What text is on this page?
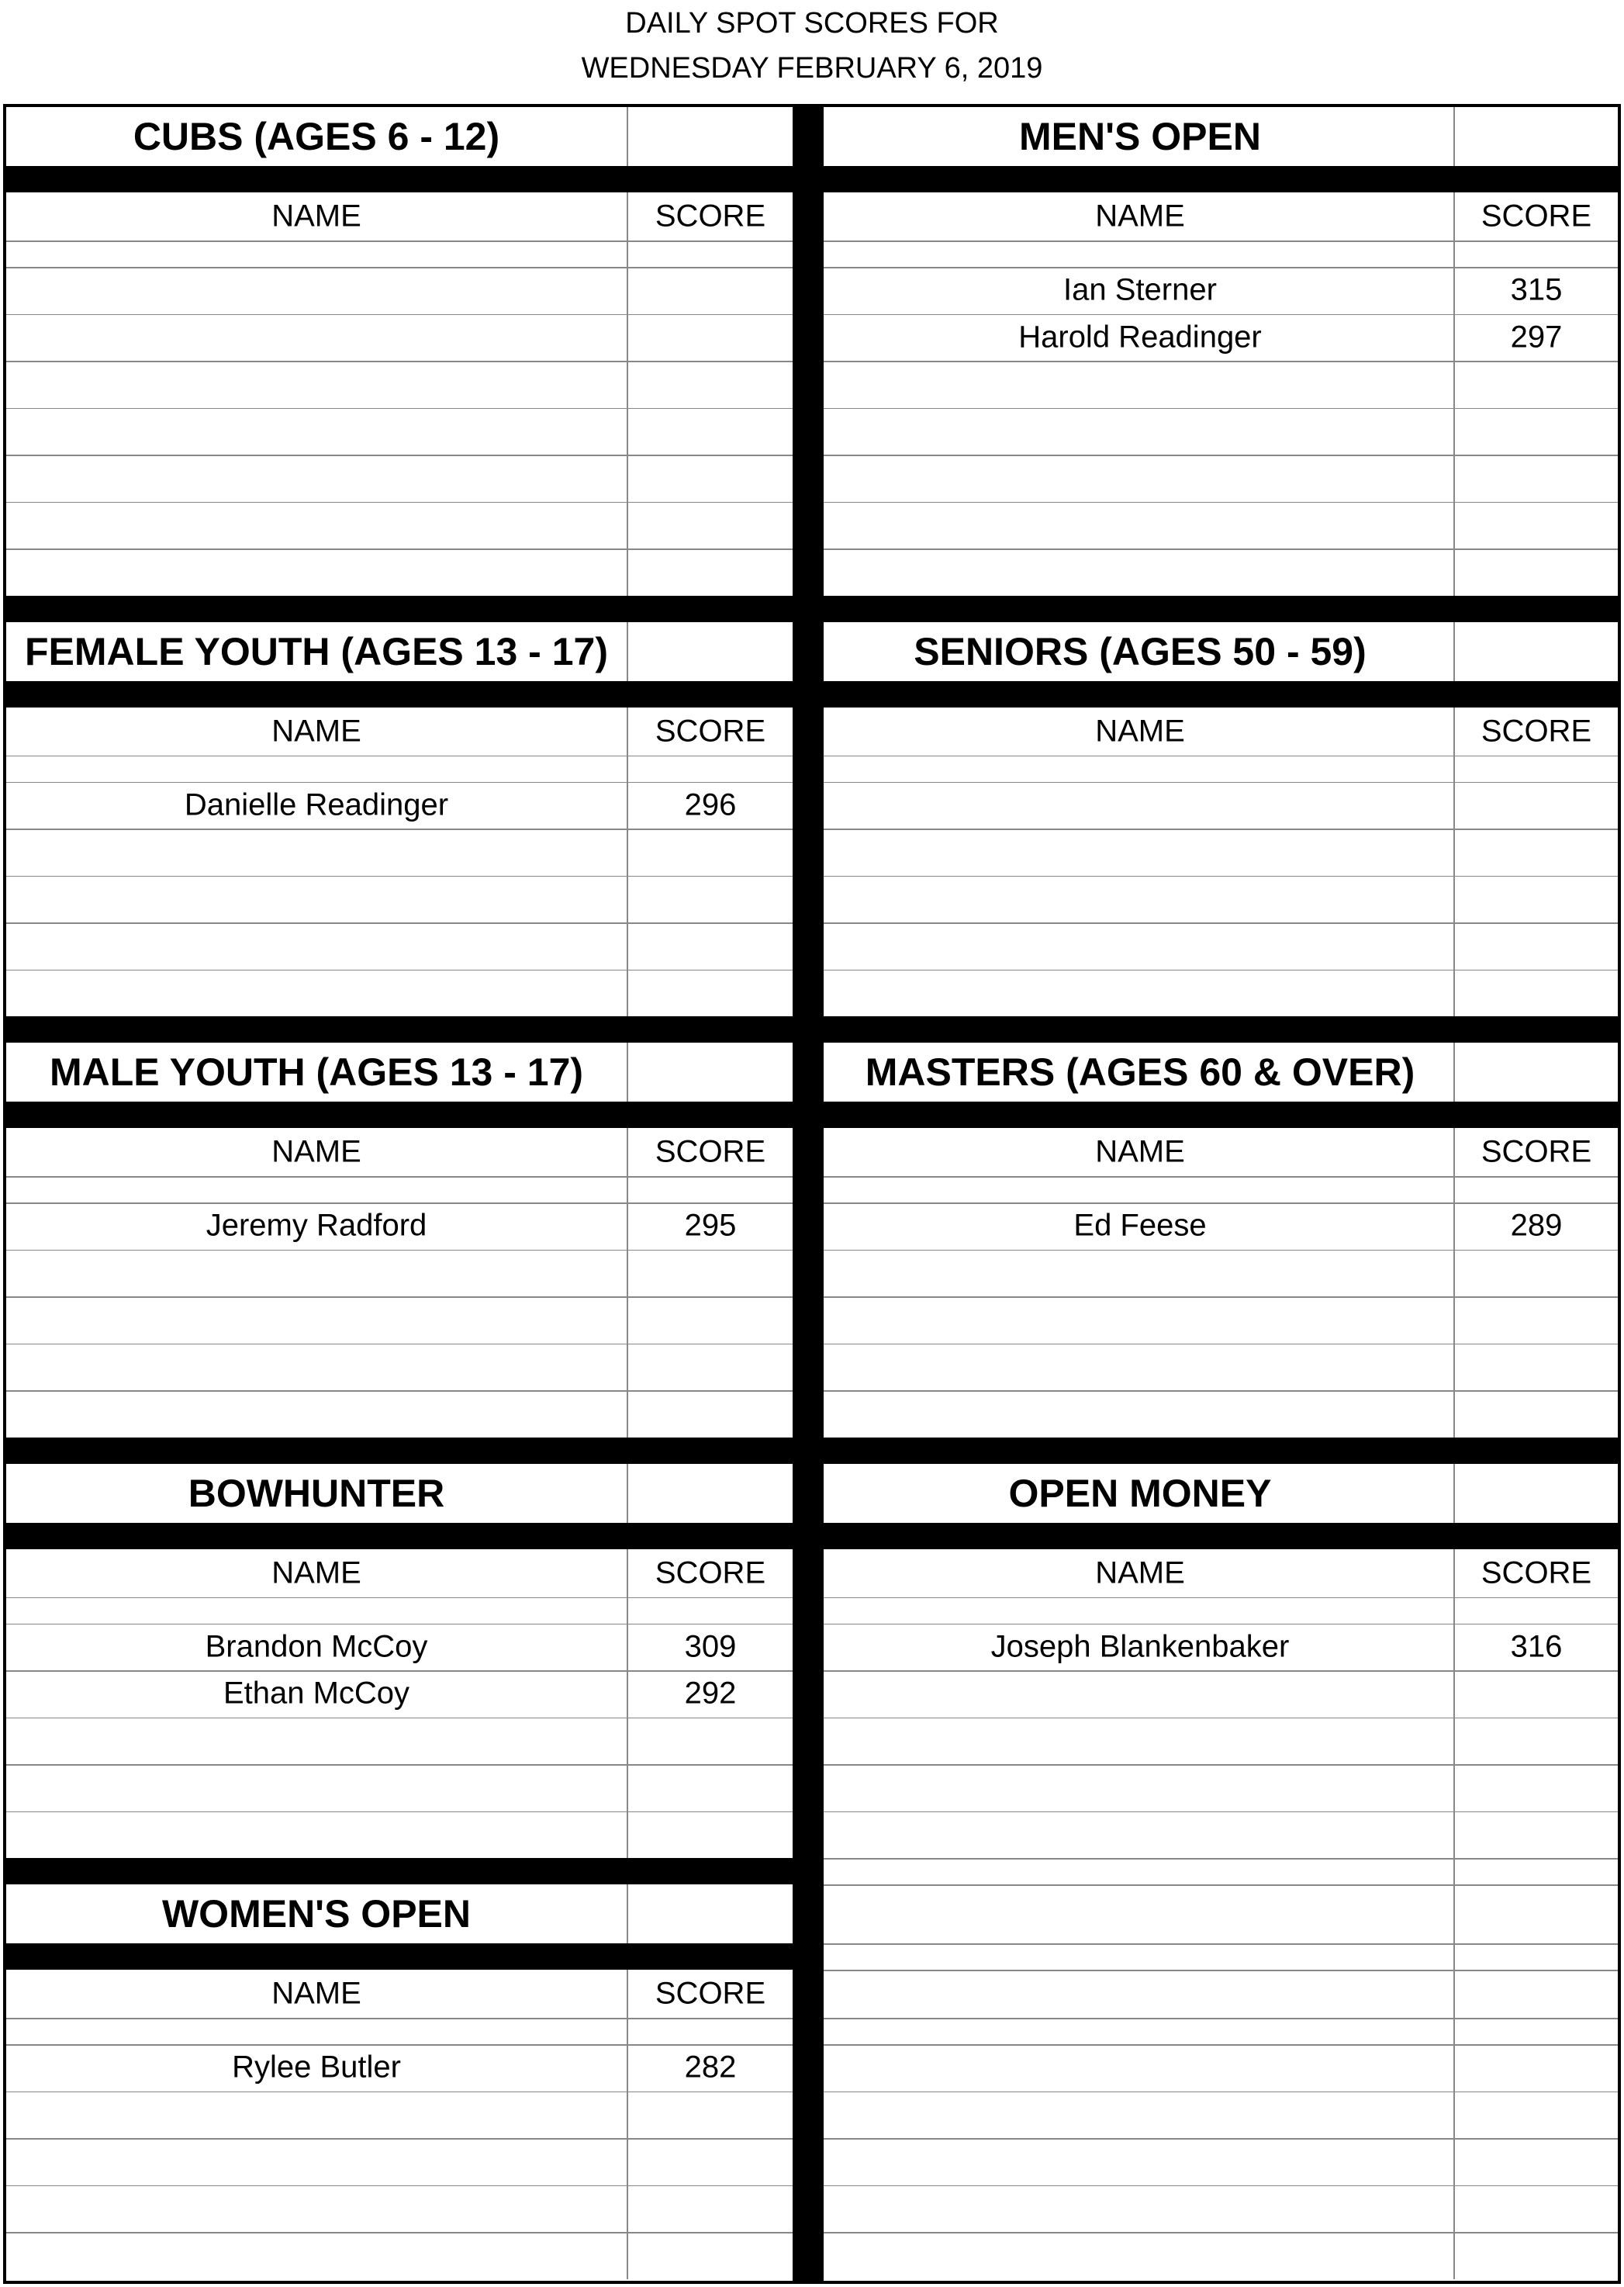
DAILY SPOT SCORES FOR
WEDNESDAY FEBRUARY 6, 2019
CUBS (AGES 6 - 12)
NAME	SCORE
FEMALE YOUTH (AGES 13 - 17)
NAME	SCORE
Danielle Readinger	296
MALE YOUTH (AGES 13 - 17)
NAME	SCORE
Jeremy Radford	295
BOWHUNTER
NAME	SCORE
Brandon McCoy	309
Ethan McCoy	292
WOMEN'S OPEN
NAME	SCORE
Rylee Butler	282
MEN'S OPEN
NAME	SCORE
Ian Sterner	315
Harold Readinger	297
SENIORS (AGES 50 - 59)
NAME	SCORE
MASTERS (AGES 60 & OVER)
NAME	SCORE
Ed Feese	289
OPEN MONEY
NAME	SCORE
Joseph Blankenbaker	316
